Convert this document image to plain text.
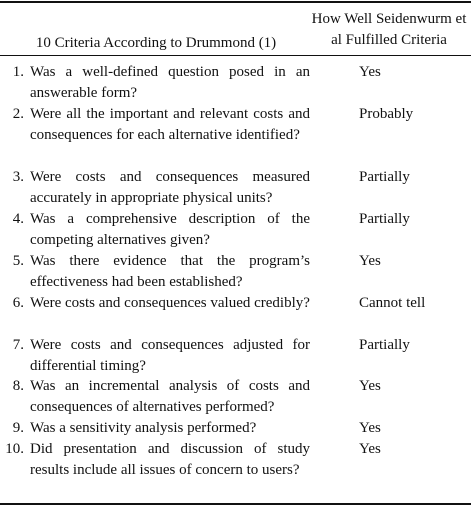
10 Criteria According to Drummond (1)
How Well Seidenwurm et al Fulfilled Criteria
1. Was a well-defined question posed in an answerable form?
Yes
2. Were all the important and relevant costs and consequences for each alternative identified?
Probably
3. Were costs and consequences measured accurately in appropriate physical units?
Partially
4. Was a comprehensive description of the competing alternatives given?
Partially
5. Was there evidence that the program’s effectiveness had been established?
Yes
6. Were costs and consequences valued credibly?	Cannot tell
7. Were costs and consequences adjusted for differential timing?
Partially
8. Was an incremental analysis of costs and consequences of alternatives performed?
Yes
9. Was a sensitivity analysis performed?	Yes
10. Did presentation and discussion of study results include all issues of concern to users?
Yes
